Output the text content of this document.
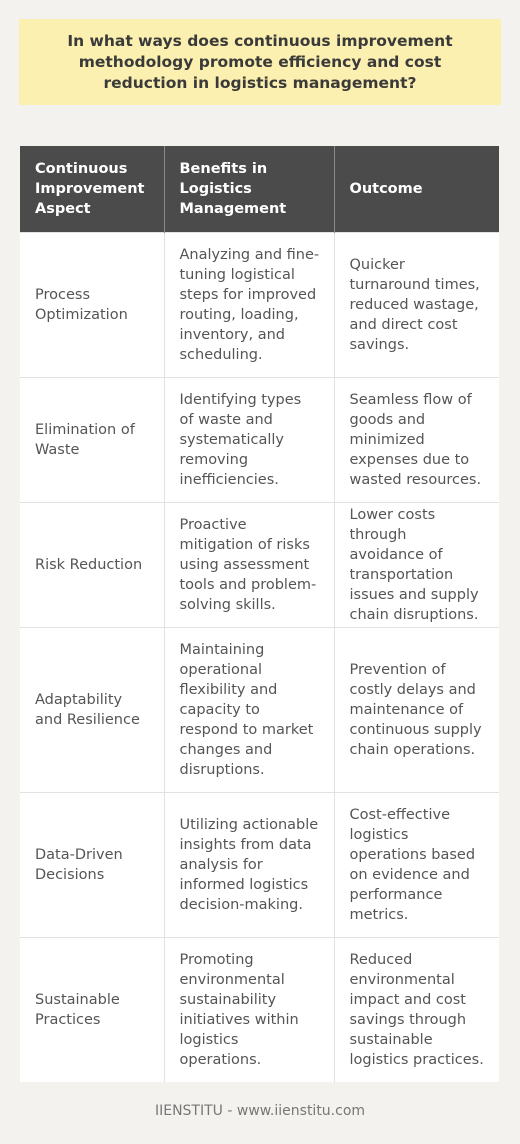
In what ways does continuous improvement methodology promote efficiency and cost reduction in logistics management?
Continuous Improvement Aspect	Benefits in Logistics Management	Outcome
Process Optimization	Analyzing and fine-tuning logistical steps for improved routing, loading, inventory, and scheduling.	Quicker turnaround times, reduced wastage, and direct cost savings.
Elimination of Waste	Identifying types of waste and systematically removing inefficiencies.	Seamless flow of goods and minimized expenses due to wasted resources.
Risk Reduction	Proactive mitigation of risks using assessment tools and problem-solving skills.	Lower costs through avoidance of transportation issues and supply chain disruptions.
Adaptability and Resilience	Maintaining operational flexibility and capacity to respond to market changes and disruptions.	Prevention of costly delays and maintenance of continuous supply chain operations.
Data-Driven Decisions	Utilizing actionable insights from data analysis for informed logistics decision-making.	Cost-effective logistics operations based on evidence and performance metrics.
Sustainable Practices	Promoting environmental sustainability initiatives within logistics operations.	Reduced environmental impact and cost savings through sustainable logistics practices.
IIENSTITU - www.iienstitu.com
